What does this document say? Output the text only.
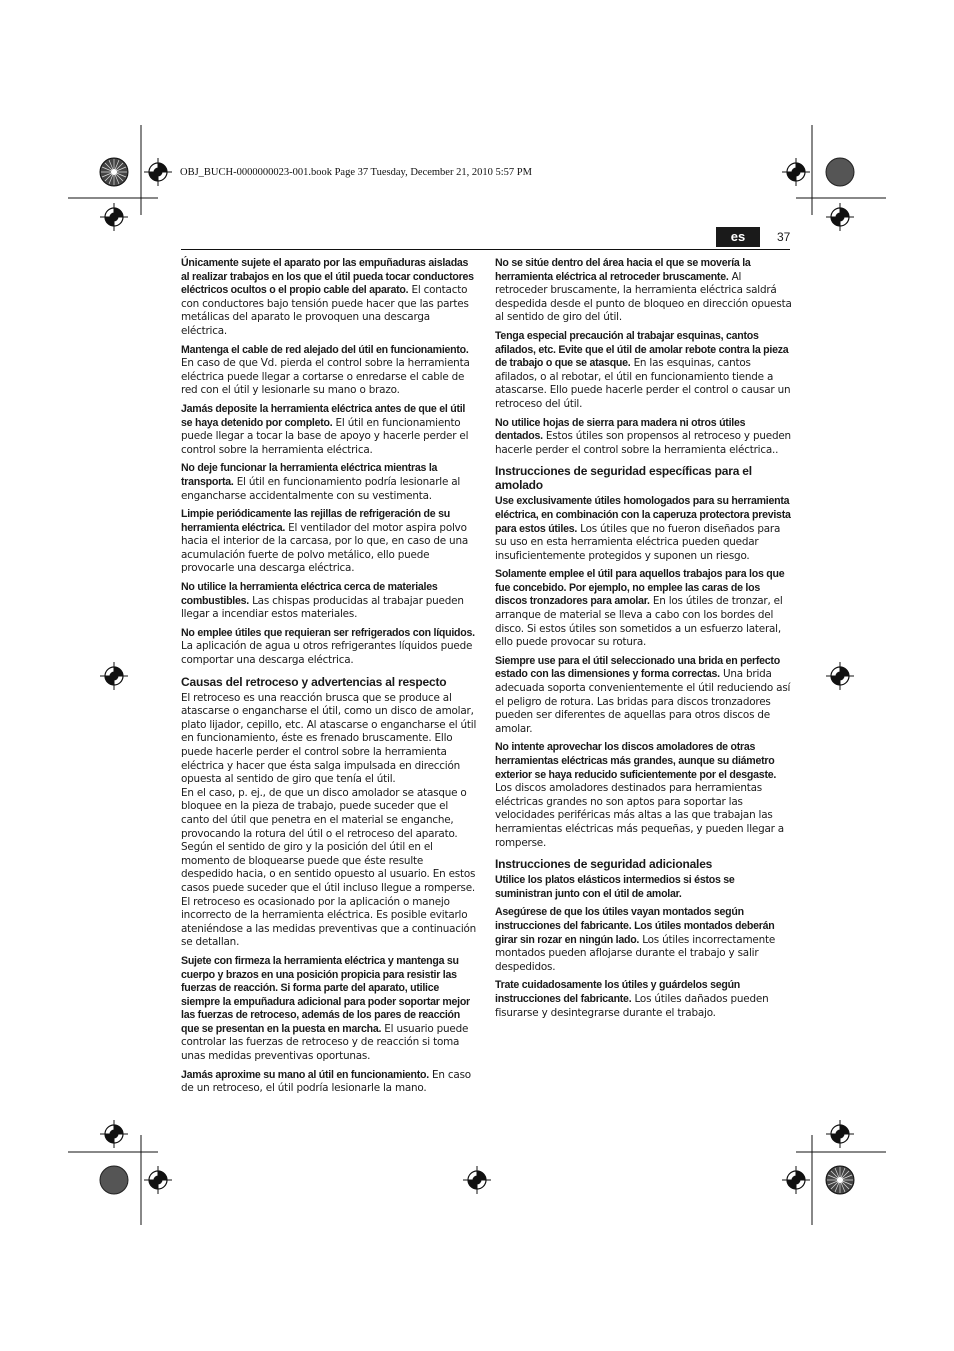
OBJ_BUCH-0000000023-001.book Page 37 Tuesday, December 21, 2010 5:57 PM
es	37

Únicamente sujete el aparato por las empuñaduras aisladas al realizar trabajos en los que el útil pueda tocar conductores eléctricos ocultos o el propio cable del aparato. El contacto con conductores bajo tensión puede hacer que las partes metálicas del aparato le provoquen una descarga eléctrica.

Mantenga el cable de red alejado del útil en funcionamiento. En caso de que Vd. pierda el control sobre la herramienta eléctrica puede llegar a cortarse o enredarse el cable de red con el útil y lesionarle su mano o brazo.

Jamás deposite la herramienta eléctrica antes de que el útil se haya detenido por completo. El útil en funcionamiento puede llegar a tocar la base de apoyo y hacerle perder el control sobre la herramienta eléctrica.

No deje funcionar la herramienta eléctrica mientras la transporta. El útil en funcionamiento podría lesionarle al engancharse accidentalmente con su vestimenta.

Limpie periódicamente las rejillas de refrigeración de su herramienta eléctrica. El ventilador del motor aspira polvo hacia el interior de la carcasa, por lo que, en caso de una acumulación fuerte de polvo metálico, ello puede provocarle una descarga eléctrica.

No utilice la herramienta eléctrica cerca de materiales combustibles. Las chispas producidas al trabajar pueden llegar a incendiar estos materiales.

No emplee útiles que requieran ser refrigerados con líquidos. La aplicación de agua u otros refrigerantes líquidos puede comportar una descarga eléctrica.

Causas del retroceso y advertencias al respecto

El retroceso es una reacción brusca que se produce al atascarse o engancharse el útil, como un disco de amolar, plato lijador, cepillo, etc. Al atascarse o engancharse el útil en funcionamiento, éste es frenado bruscamente. Ello puede hacerle perder el control sobre la herramienta eléctrica y hacer que ésta salga impulsada en dirección opuesta al sentido de giro que tenía el útil.

En el caso, p. ej., de que un disco amolador se atasque o bloquee en la pieza de trabajo, puede suceder que el canto del útil que penetra en el material se enganche, provocando la rotura del útil o el retroceso del aparato. Según el sentido de giro y la posición del útil en el momento de bloquearse puede que éste resulte despedido hacia, o en sentido opuesto al usuario. En estos casos puede suceder que el útil incluso llegue a romperse.

El retroceso es ocasionado por la aplicación o manejo incorrecto de la herramienta eléctrica. Es posible evitarlo ateniéndose a las medidas preventivas que a continuación se detallan.

Sujete con firmeza la herramienta eléctrica y mantenga su cuerpo y brazos en una posición propicia para resistir las fuerzas de reacción. Si forma parte del aparato, utilice siempre la empuñadura adicional para poder soportar mejor las fuerzas de retroceso, además de los pares de reacción que se presentan en la puesta en marcha. El usuario puede controlar las fuerzas de retroceso y de reacción si toma unas medidas preventivas oportunas.

Jamás aproxime su mano al útil en funcionamiento. En caso de un retroceso, el útil podría lesionarle la mano.

No se sitúe dentro del área hacia el que se movería la herramienta eléctrica al retroceder bruscamente. Al retroceder bruscamente, la herramienta eléctrica saldrá despedida desde el punto de bloqueo en dirección opuesta al sentido de giro del útil.

Tenga especial precaución al trabajar esquinas, cantos afilados, etc. Evite que el útil de amolar rebote contra la pieza de trabajo o que se atasque. En las esquinas, cantos afilados, o al rebotar, el útil en funcionamiento tiende a atascarse. Ello puede hacerle perder el control o causar un retroceso del útil.

No utilice hojas de sierra para madera ni otros útiles dentados. Estos útiles son propensos al retroceso y pueden hacerle perder el control sobre la herramienta eléctrica..

Instrucciones de seguridad específicas para el amolado

Use exclusivamente útiles homologados para su herramienta eléctrica, en combinación con la caperuza protectora prevista para estos útiles. Los útiles que no fueron diseñados para su uso en esta herramienta eléctrica pueden quedar insuficientemente protegidos y suponen un riesgo.

Solamente emplee el útil para aquellos trabajos para los que fue concebido. Por ejemplo, no emplee las caras de los discos tronzadores para amolar. En los útiles de tronzar, el arranque de material se lleva a cabo con los bordes del disco. Si estos útiles son sometidos a un esfuerzo lateral, ello puede provocar su rotura.

Siempre use para el útil seleccionado una brida en perfecto estado con las dimensiones y forma correctas. Una brida adecuada soporta convenientemente el útil reduciendo así el peligro de rotura. Las bridas para discos tronzadores pueden ser diferentes de aquellas para otros discos de amolar.

No intente aprovechar los discos amoladores de otras herramientas eléctricas más grandes, aunque su diámetro exterior se haya reducido suficientemente por el desgaste. Los discos amoladores destinados para herramientas eléctricas grandes no son aptos para soportar las velocidades periféricas más altas a las que trabajan las herramientas eléctricas más pequeñas, y pueden llegar a romperse.

Instrucciones de seguridad adicionales

Utilice los platos elásticos intermedios si éstos se suministran junto con el útil de amolar.

Asegúrese de que los útiles vayan montados según instrucciones del fabricante. Los útiles montados deberán girar sin rozar en ningún lado. Los útiles incorrectamente montados pueden aflojarse durante el trabajo y salir despedidos.

Trate cuidadosamente los útiles y guárdelos según instrucciones del fabricante. Los útiles dañados pueden fisurarse y desintegrarse durante el trabajo.
